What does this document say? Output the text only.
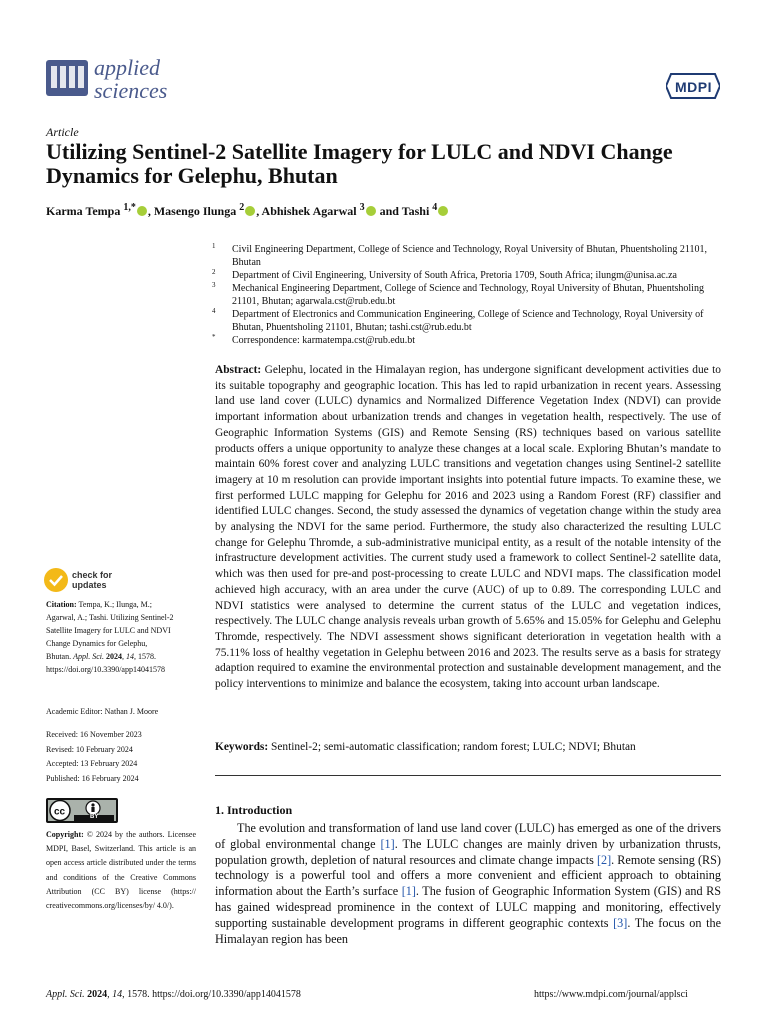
applied
sciences	MDPI
Article
Utilizing Sentinel-2 Satellite Imagery for LULC and NDVI Change Dynamics for Gelephu, Bhutan
Karma Tempa $^{1,*}$ , Masengo Ilunga $^2$ , Abhishek Agarwal $^3$ and Tashi $^4$
1 Civil Engineering Department, College of Science and Technology, Royal University of Bhutan, Phuentsholing 21101, Bhutan
2 Department of Civil Engineering, University of South Africa, Pretoria 1709, South Africa; ilungm@unisa.ac.za
3 Mechanical Engineering Department, College of Science and Technology, Royal University of Bhutan, Phuentsholing 21101, Bhutan; agarwala.cst@rub.edu.bt
4 Department of Electronics and Communication Engineering, College of Science and Technology, Royal University of Bhutan, Phuentsholing 21101, Bhutan; tashi.cst@rub.edu.bt
* Correspondence: karmatempa.cst@rub.edu.bt
Abstract: Gelephu, located in the Himalayan region, has undergone significant development activities due to its suitable topography and geographic location. This has led to rapid urbanization in recent years. Assessing land use land cover (LULC) dynamics and Normalized Difference Vegetation Index (NDVI) can provide important information about urbanization trends and changes in vegetation health, respectively. The use of Geographic Information Systems (GIS) and Remote Sensing (RS) techniques based on various satellite products offers a unique opportunity to analyze these changes at a local scale. Exploring Bhutan’s mandate to maintain 60% forest cover and analyzing LULC transitions and vegetation changes using Sentinel-2 satellite imagery at 10 m resolution can provide important insights into potential future impacts. To examine these, we first performed LULC mapping for Gelephu for 2016 and 2023 using a Random Forest (RF) classifier and identified LULC changes. Second, the study assessed the dynamics of vegetation change within the study area by analysing the NDVI for the same period. Furthermore, the study also characterized the resulting LULC change for Gelephu Thromde, a sub-administrative municipal entity, as a result of the notable intensity of the infrastructure development activities. The current study used a framework to collect Sentinel-2 satellite data, which was then used for pre-and post-processing to create LULC and NDVI maps. The classification model achieved high accuracy, with an area under the curve (AUC) of up to 0.89. The corresponding LULC and NDVI statistics were analysed to determine the current status of the LULC and vegetation indices, respectively. The LULC change analysis reveals urban growth of 5.65% and 15.05% for Gelephu and Gelephu Thromde, respectively. The NDVI assessment shows significant deterioration in vegetation health with a 75.11% loss of healthy vegetation in Gelephu between 2016 and 2023. The results serve as a basis for strategy adaption required to examine the environmental protection and sustainable development management, and the policy interventions to minimize and balance the ecosystem, taking into account urban landscape.
Keywords: Sentinel-2; semi-automatic classification; random forest; LULC; NDVI; Bhutan
check for
updates
Citation: Tempa, K.; Ilunga, M.; Agarwal, A.; Tashi. Utilizing Sentinel-2 Satellite Imagery for LULC and NDVI Change Dynamics for Gelephu, Bhutan. Appl. Sci. 2024, 14, 1578. https://doi.org/10.3390/app14041578
Academic Editor: Nathan J. Moore
Received: 16 November 2023
Revised: 10 February 2024
Accepted: 13 February 2024
Published: 16 February 2024
cc	BY
Copyright: © 2024 by the authors. Licensee MDPI, Basel, Switzerland. This article is an open access article distributed under the terms and conditions of the Creative Commons Attribution (CC BY) license (https:// creativecommons.org/licenses/by/ 4.0/).
1. Introduction
The evolution and transformation of land use land cover (LULC) has emerged as one of the drivers of global environmental change [1]. The LULC changes are mainly driven by urbanization thrusts, population growth, depletion of natural resources and climate change impacts [2]. Remote sensing (RS) technology is a powerful tool and offers a more convenient and efficient approach to obtaining information about the Earth’s surface [1]. The fusion of Geographic Information System (GIS) and RS has gained widespread prominence in the context of LULC mapping and monitoring, effectively supporting sustainable development programs in different geographic contexts [3]. The focus on the Himalayan region has been
Appl. Sci. 2024, 14, 1578. https://doi.org/10.3390/app14041578	https://www.mdpi.com/journal/applsci
